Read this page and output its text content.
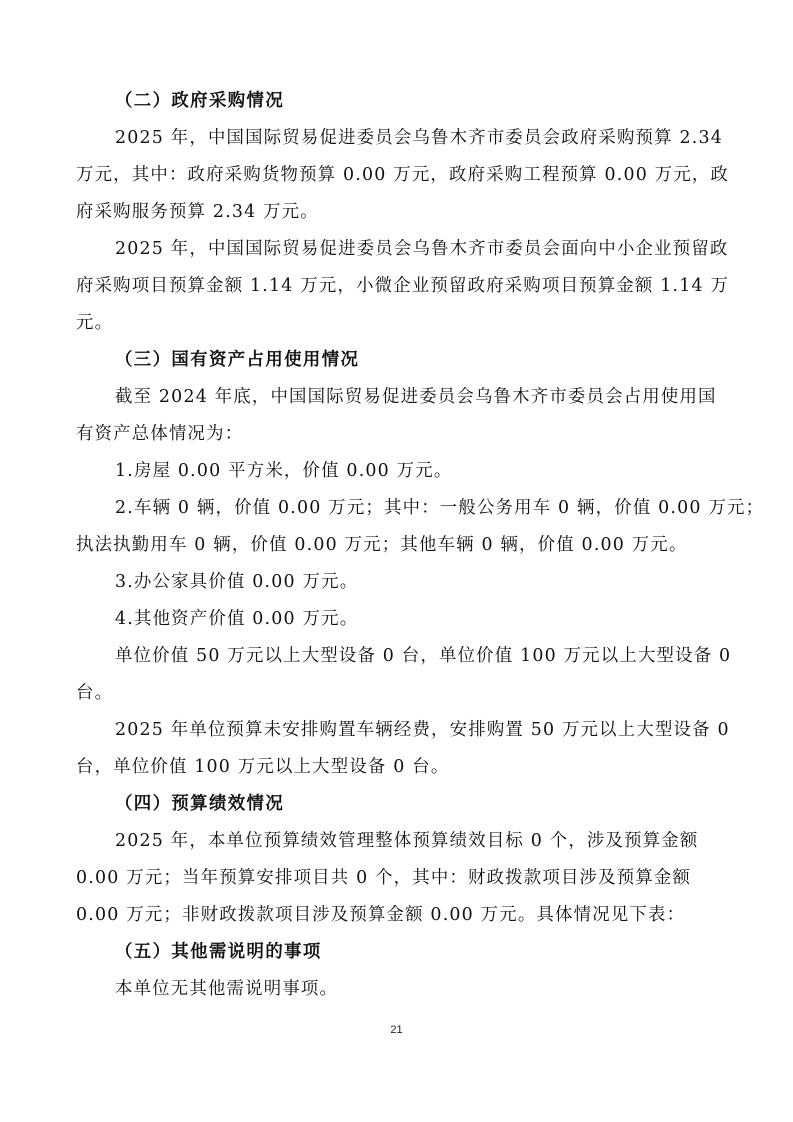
（二）政府采购情况
2025 年，中国国际贸易促进委员会乌鲁木齐市委员会政府采购预算 2.34
万元，其中：政府采购货物预算 0.00 万元，政府采购工程预算 0.00 万元，政
府采购服务预算 2.34 万元。
2025 年，中国国际贸易促进委员会乌鲁木齐市委员会面向中小企业预留政
府采购项目预算金额 1.14 万元，小微企业预留政府采购项目预算金额 1.14 万
元。
（三）国有资产占用使用情况
截至 2024 年底，中国国际贸易促进委员会乌鲁木齐市委员会占用使用国
有资产总体情况为：
1.房屋 0.00 平方米，价值 0.00 万元。
2.车辆 0 辆，价值 0.00 万元；其中：一般公务用车 0 辆，价值 0.00 万元；
执法执勤用车 0 辆，价值 0.00 万元；其他车辆 0 辆，价值 0.00 万元。
3.办公家具价值 0.00 万元。
4.其他资产价值 0.00 万元。
单位价值 50 万元以上大型设备 0 台，单位价值 100 万元以上大型设备 0
台。
2025 年单位预算未安排购置车辆经费，安排购置 50 万元以上大型设备 0
台，单位价值 100 万元以上大型设备 0 台。
（四）预算绩效情况
2025 年，本单位预算绩效管理整体预算绩效目标 0 个，涉及预算金额
0.00 万元；当年预算安排项目共 0 个，其中：财政拨款项目涉及预算金额
0.00 万元；非财政拨款项目涉及预算金额 0.00 万元。具体情况见下表：
（五）其他需说明的事项
本单位无其他需说明事项。
21
